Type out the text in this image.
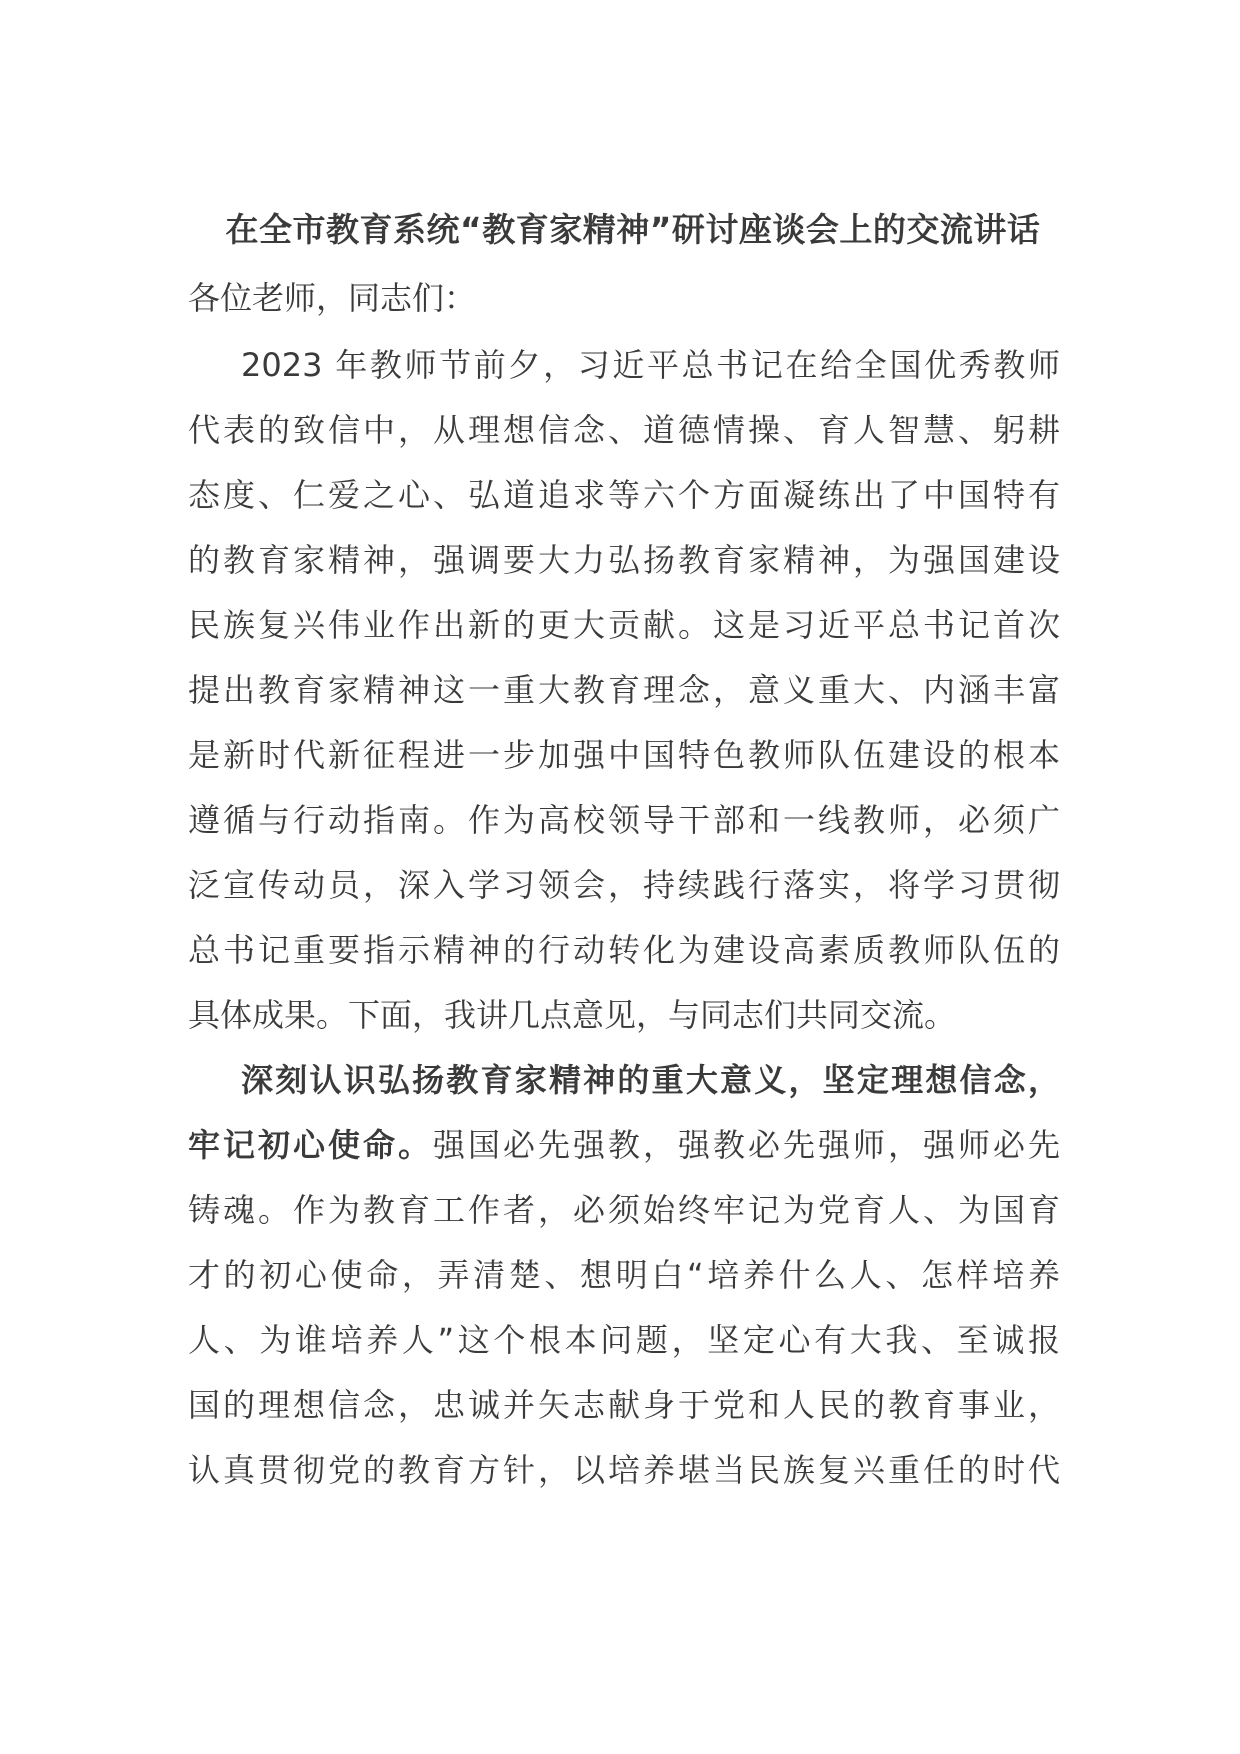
在全市教育系统“教育家精神”研讨座谈会上的交流讲话
各位老师，同志们：
2023 年教师节前夕，习近平总书记在给全国优秀教师
代表的致信中，从理想信念、道德情操、育人智慧、躬耕
态度、仁爱之心、弘道追求等六个方面凝练出了中国特有
的教育家精神，强调要大力弘扬教育家精神，为强国建设
民族复兴伟业作出新的更大贡献。这是习近平总书记首次
提出教育家精神这一重大教育理念，意义重大、内涵丰富
是新时代新征程进一步加强中国特色教师队伍建设的根本
遵循与行动指南。作为高校领导干部和一线教师，必须广
泛宣传动员，深入学习领会，持续践行落实，将学习贯彻
总书记重要指示精神的行动转化为建设高素质教师队伍的
具体成果。下面，我讲几点意见，与同志们共同交流。
深刻认识弘扬教育家精神的重大意义，坚定理想信念，
牢记初心使命。强国必先强教，强教必先强师，强师必先
铸魂。作为教育工作者，必须始终牢记为党育人、为国育
才的初心使命，弄清楚、想明白“培养什么人、怎样培养
人、为谁培养人”这个根本问题，坚定心有大我、至诚报
国的理想信念，忠诚并矢志献身于党和人民的教育事业，
认真贯彻党的教育方针，以培养堪当民族复兴重任的时代
